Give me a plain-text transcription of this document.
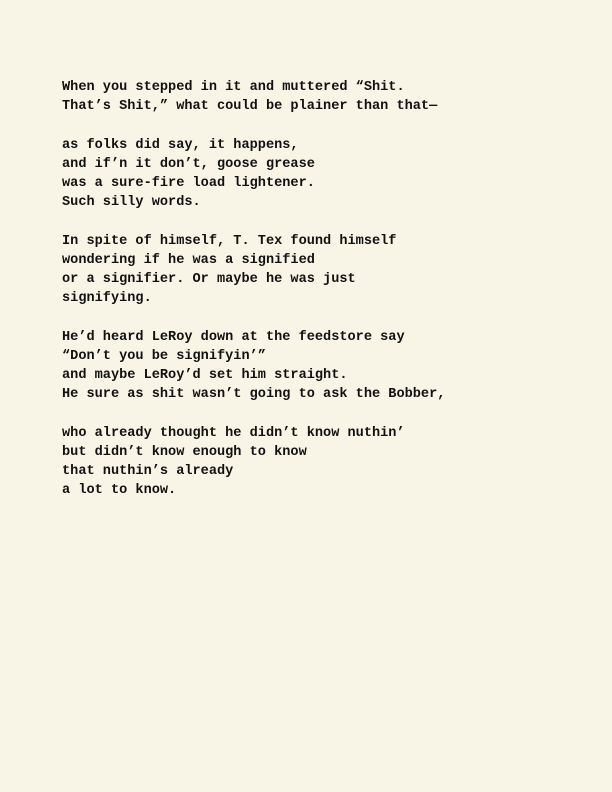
When you stepped in it and muttered “Shit.
That’s Shit,” what could be plainer than that—
as folks did say, it happens,
and if’n it don’t, goose grease
was a sure-fire load lightener.
Such silly words.
In spite of himself, T. Tex found himself
wondering if he was a signified
or a signifier. Or maybe he was just
signifying.
He’d heard LeRoy down at the feedstore say
“Don’t you be signifyin’”
and maybe LeRoy’d set him straight.
He sure as shit wasn’t going to ask the Bobber,
who already thought he didn’t know nuthin’
but didn’t know enough to know
that nuthin’s already
a lot to know.
